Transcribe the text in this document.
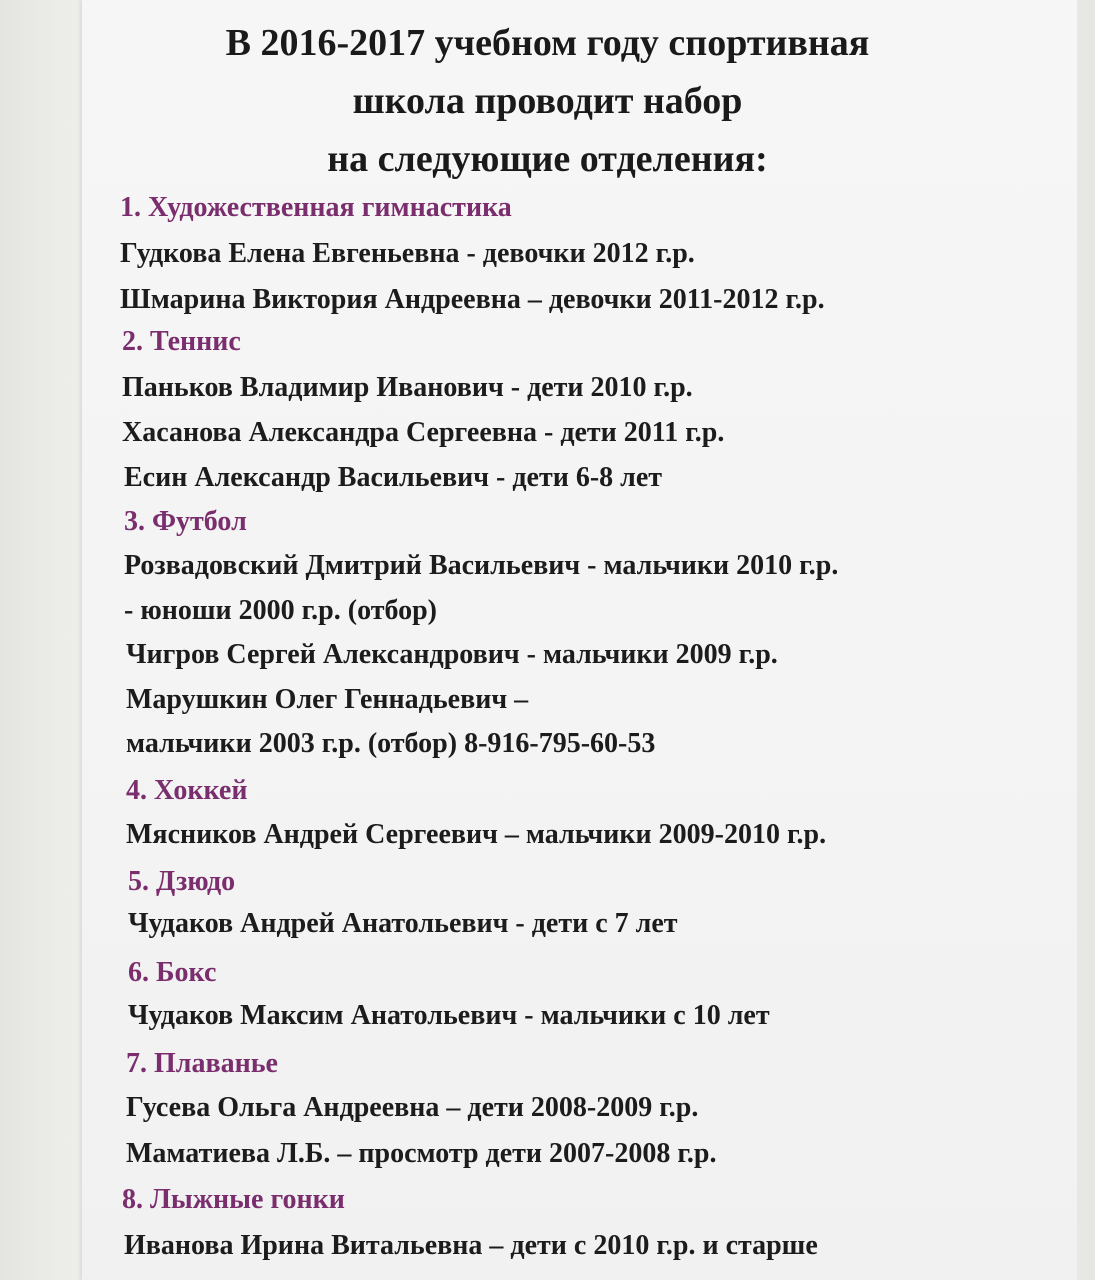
В 2016-2017 учебном году спортивная
школа проводит набор
на следующие отделения:

1. Художественная гимнастика

Гудкова Елена Евгеньевна - девочки 2012 г.р.

Шмарина Виктория Андреевна – девочки 2011-2012 г.р.

2. Теннис

Паньков Владимир Иванович - дети 2010 г.р.

Хасанова Александра Сергеевна - дети 2011 г.р.

Есин Александр Васильевич - дети 6-8 лет

3. Футбол

Розвадовский Дмитрий Васильевич - мальчики 2010 г.р.

- юноши 2000 г.р. (отбор)

Чигров Сергей Александрович - мальчики 2009 г.р.

Марушкин Олег Геннадьевич –

мальчики 2003 г.р. (отбор) 8-916-795-60-53

4. Хоккей

Мясников Андрей Сергеевич – мальчики 2009-2010 г.р.

5. Дзюдо

Чудаков Андрей Анатольевич - дети с 7 лет

6. Бокс

Чудаков Максим Анатольевич - мальчики с 10 лет

7. Плаванье

Гусева Ольга Андреевна – дети 2008-2009 г.р.

Маматиева Л.Б. – просмотр дети 2007-2008 г.р.

8. Лыжные гонки

Иванова Ирина Витальевна – дети с 2010 г.р. и старше
